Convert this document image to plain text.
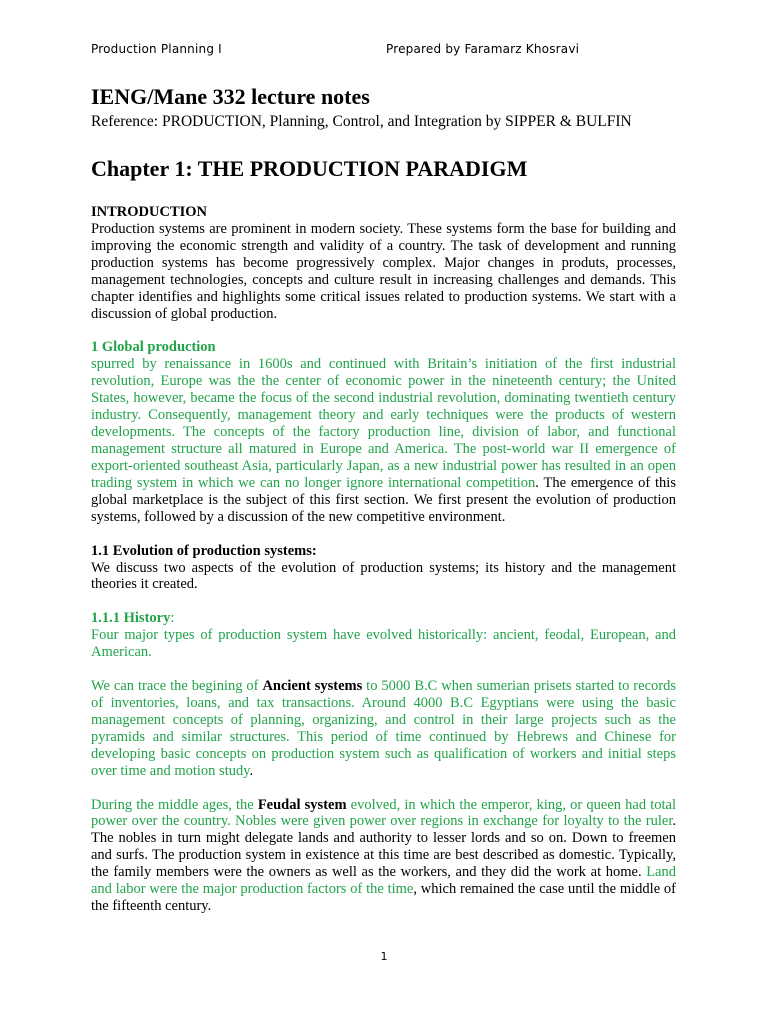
Production Planning I	Prepared by Faramarz Khosravi
IENG/Mane 332 lecture notes

Reference: PRODUCTION, Planning, Control, and Integration by SIPPER & BULFIN

Chapter 1: THE PRODUCTION PARADIGM

INTRODUCTION

Production systems are prominent in modern society. These systems form the base for building and improving the economic strength and validity of a country. The task of development and running production systems has become progressively complex. Major changes in produts, processes, management technologies, concepts and culture result in increasing challenges and demands. This chapter identifies and highlights some critical issues related to production systems. We start with a discussion of global production.

1 Global production

spurred by renaissance in 1600s and continued with Britain’s initiation of the first industrial revolution, Europe was the the center of economic power in the nineteenth century; the United States, however, became the focus of the second industrial revolution, dominating twentieth century industry. Consequently, management theory and early techniques were the products of western developments. The concepts of the factory production line, division of labor, and functional management structure all matured in Europe and America. The post-world war II emergence of export-oriented southeast Asia, particularly Japan, as a new industrial power has resulted in an open trading system in which we can no longer ignore international competition. The emergence of this global marketplace is the subject of this first section. We first present the evolution of production systems, followed by a discussion of the new competitive environment.

1.1 Evolution of production systems:

We discuss two aspects of the evolution of production systems; its history and the management theories it created.

1.1.1 History:

Four major types of production system have evolved historically: ancient, feodal, European, and American.

We can trace the begining of Ancient systems to 5000 B.C when sumerian prisets started to records of inventories, loans, and tax transactions. Around 4000 B.C Egyptians were using the basic management concepts of planning, organizing, and control in their large projects such as the pyramids and similar structures. This period of time continued by Hebrews and Chinese for developing basic concepts on production system such as qualification of workers and initial steps over time and motion study.

During the middle ages, the Feudal system evolved, in which the emperor, king, or queen had total power over the country. Nobles were given power over regions in exchange for loyalty to the ruler. The nobles in turn might delegate lands and authority to lesser lords and so on. Down to freemen and surfs. The production system in existence at this time are best described as domestic. Typically, the family members were the owners as well as the workers, and they did the work at home. Land and labor were the major production factors of the time, which remained the case until the middle of the fifteenth century.

1
